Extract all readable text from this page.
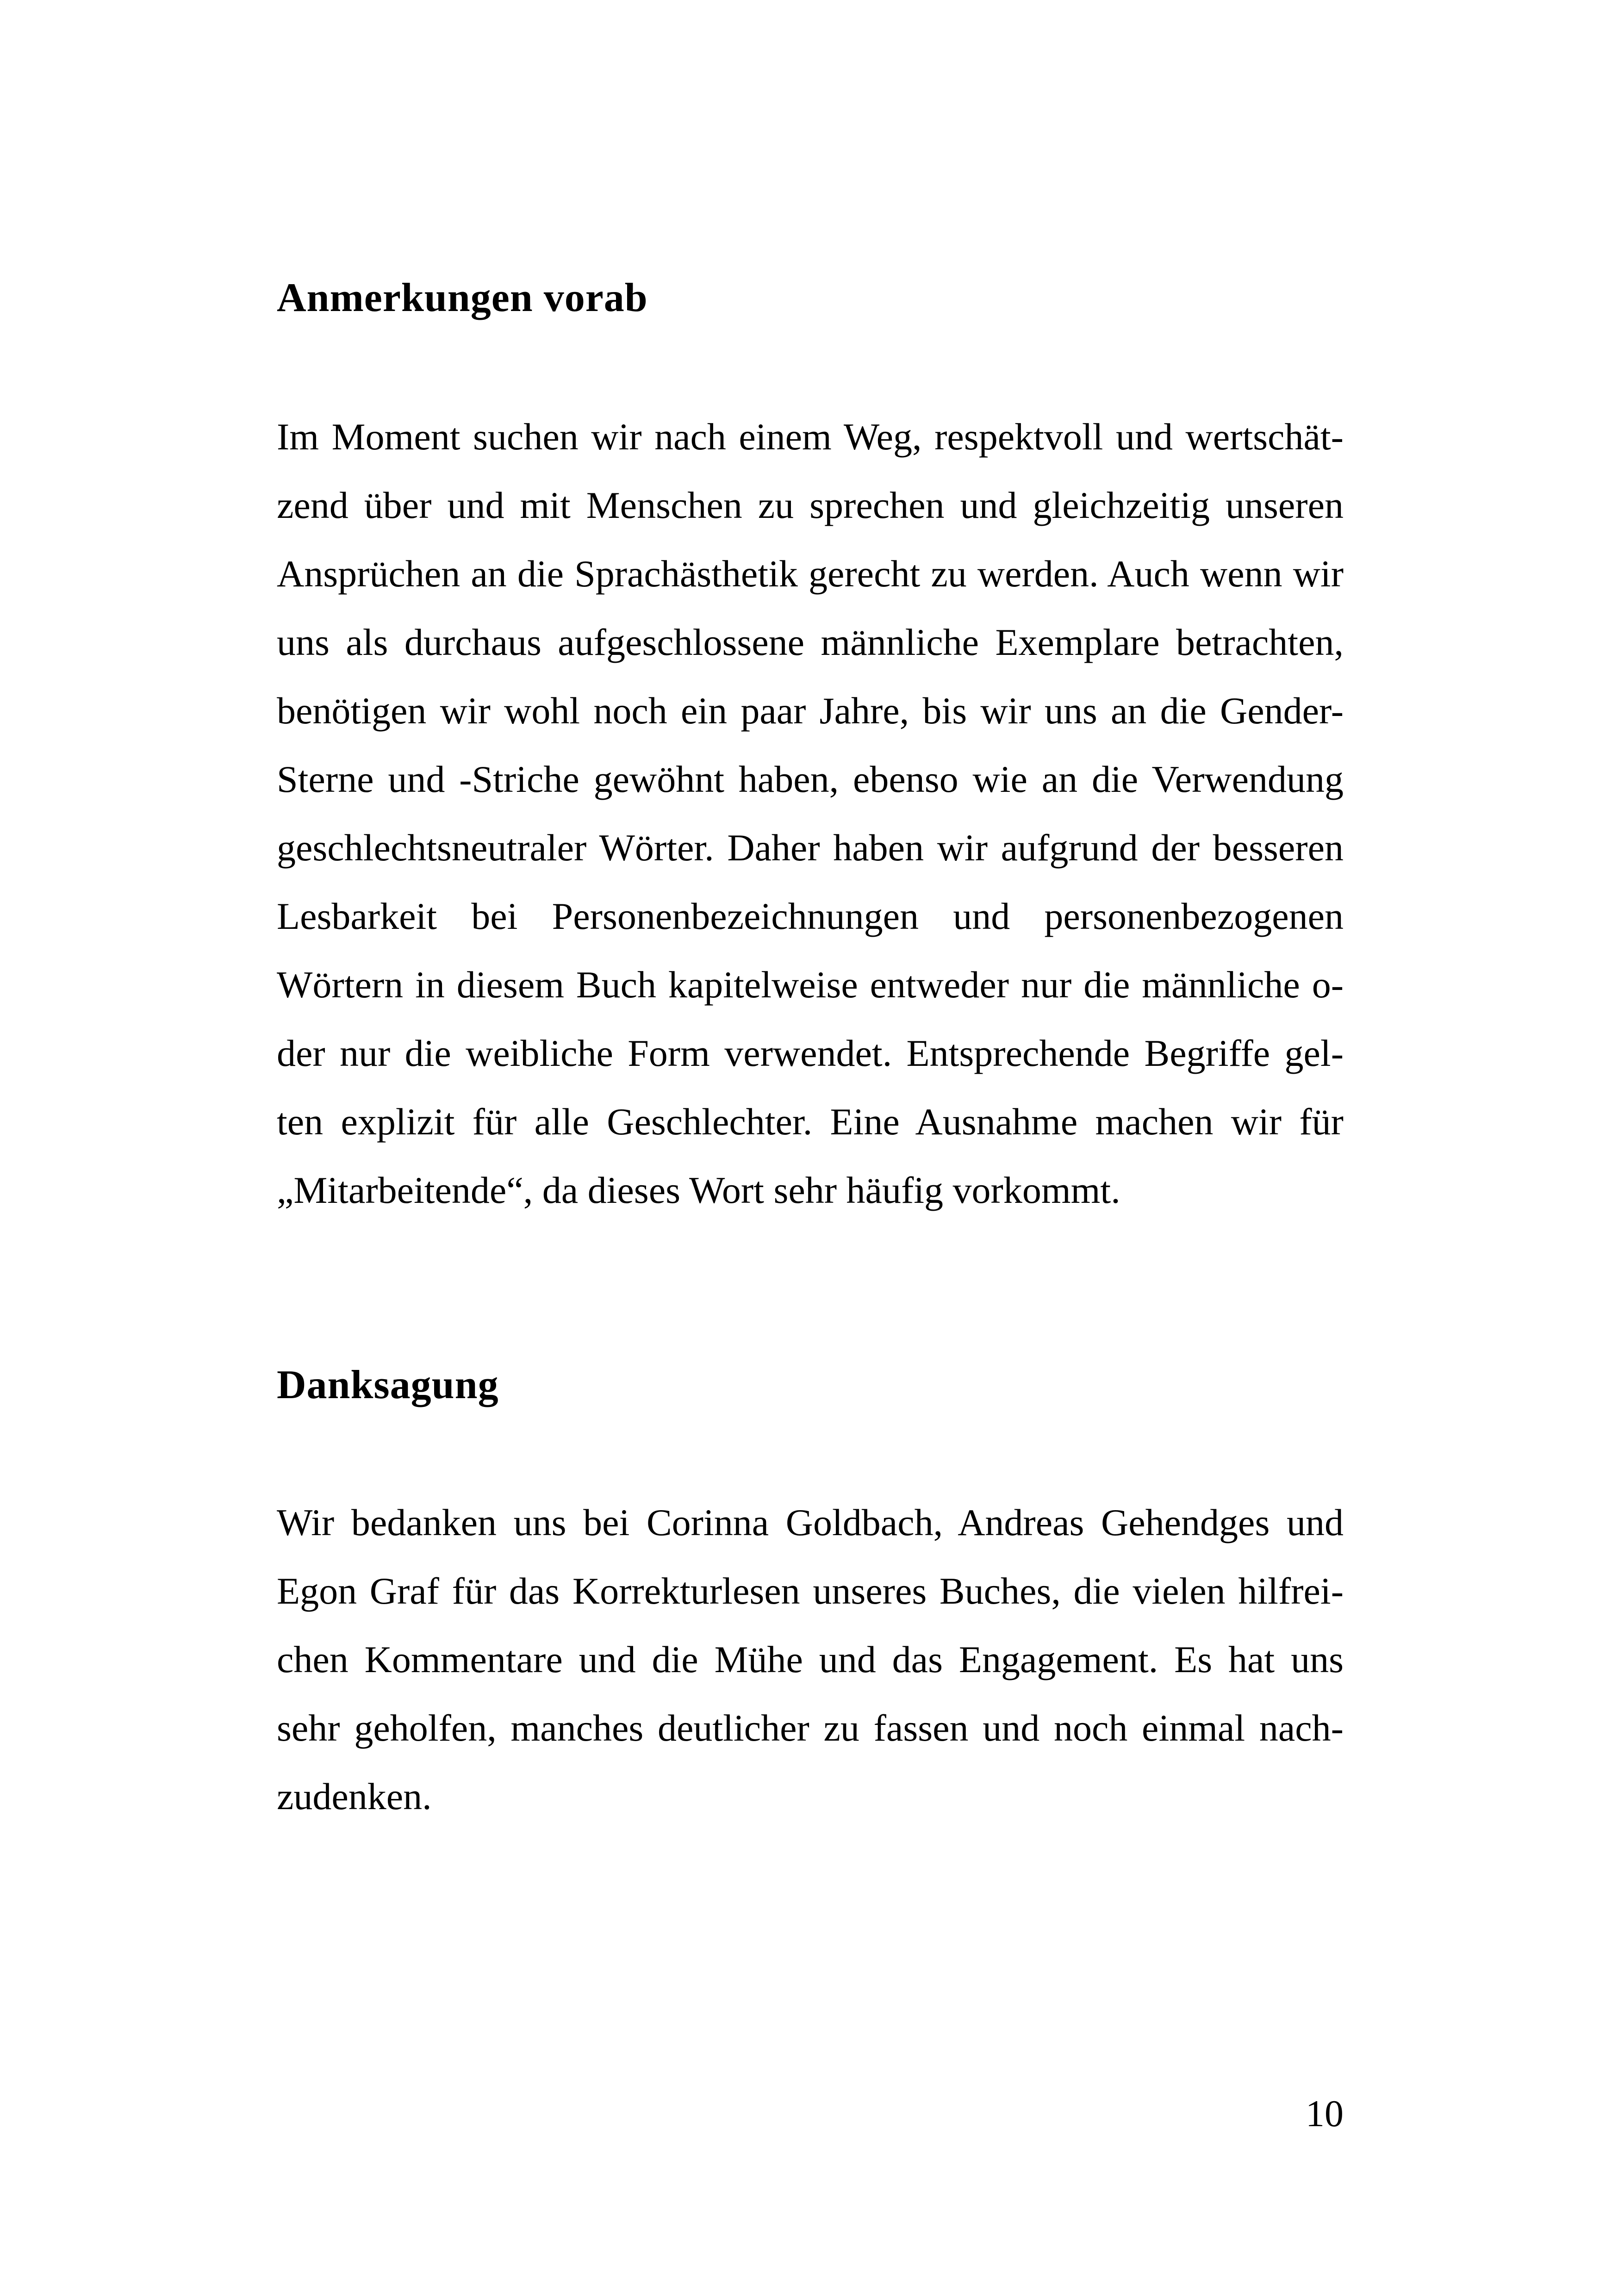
Anmerkungen vorab
Im Moment suchen wir nach einem Weg, respektvoll und wertschät-
zend über und mit Menschen zu sprechen und gleichzeitig unseren
Ansprüchen an die Sprachästhetik gerecht zu werden. Auch wenn wir
uns als durchaus aufgeschlossene männliche Exemplare betrachten,
benötigen wir wohl noch ein paar Jahre, bis wir uns an die Gender-
Sterne und -Striche gewöhnt haben, ebenso wie an die Verwendung
geschlechtsneutraler Wörter. Daher haben wir aufgrund der besseren
Lesbarkeit bei Personenbezeichnungen und personenbezogenen
Wörtern in diesem Buch kapitelweise entweder nur die männliche o-
der nur die weibliche Form verwendet. Entsprechende Begriffe gel-
ten explizit für alle Geschlechter. Eine Ausnahme machen wir für
„Mitarbeitende“, da dieses Wort sehr häufig vorkommt.
Danksagung
Wir bedanken uns bei Corinna Goldbach, Andreas Gehendges und
Egon Graf für das Korrekturlesen unseres Buches, die vielen hilfrei-
chen Kommentare und die Mühe und das Engagement. Es hat uns
sehr geholfen, manches deutlicher zu fassen und noch einmal nach-
zudenken.
10
